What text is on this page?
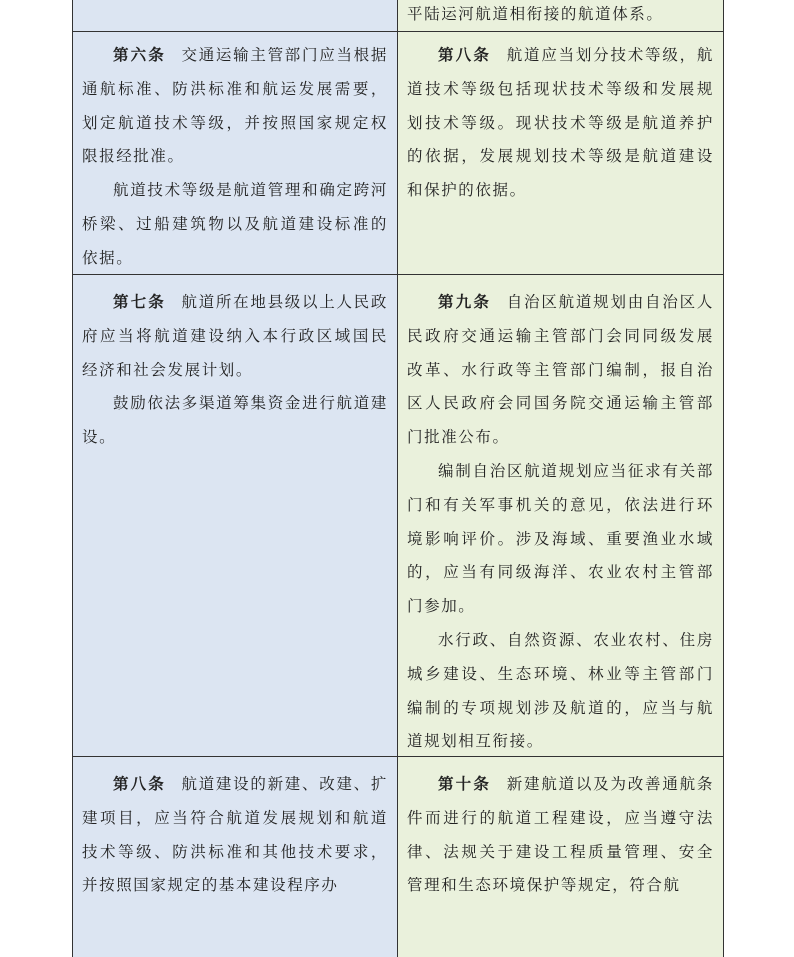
平陆运河航道相衔接的航道体系。

第六条 交通运输主管部门应当根据通航标准、防洪标准和航运发展需要，划定航道技术等级，并按照国家规定权限报经批准。

航道技术等级是航道管理和确定跨河桥梁、过船建筑物以及航道建设标准的依据。

第八条 航道应当划分技术等级，航道技术等级包括现状技术等级和发展规划技术等级。现状技术等级是航道养护的依据，发展规划技术等级是航道建设和保护的依据。

第七条 航道所在地县级以上人民政府应当将航道建设纳入本行政区域国民经济和社会发展计划。

鼓励依法多渠道筹集资金进行航道建设。

第九条 自治区航道规划由自治区人民政府交通运输主管部门会同同级发展改革、水行政等主管部门编制，报自治区人民政府会同国务院交通运输主管部门批准公布。

编制自治区航道规划应当征求有关部门和有关军事机关的意见，依法进行环境影响评价。涉及海域、重要渔业水域的，应当有同级海洋、农业农村主管部门参加。

水行政、自然资源、农业农村、住房城乡建设、生态环境、林业等主管部门编制的专项规划涉及航道的，应当与航道规划相互衔接。

第八条 航道建设的新建、改建、扩建项目，应当符合航道发展规划和航道技术等级、防洪标准和其他技术要求，并按照国家规定的基本建设程序办

第十条 新建航道以及为改善通航条件而进行的航道工程建设，应当遵守法律、法规关于建设工程质量管理、安全管理和生态环境保护等规定，符合航
